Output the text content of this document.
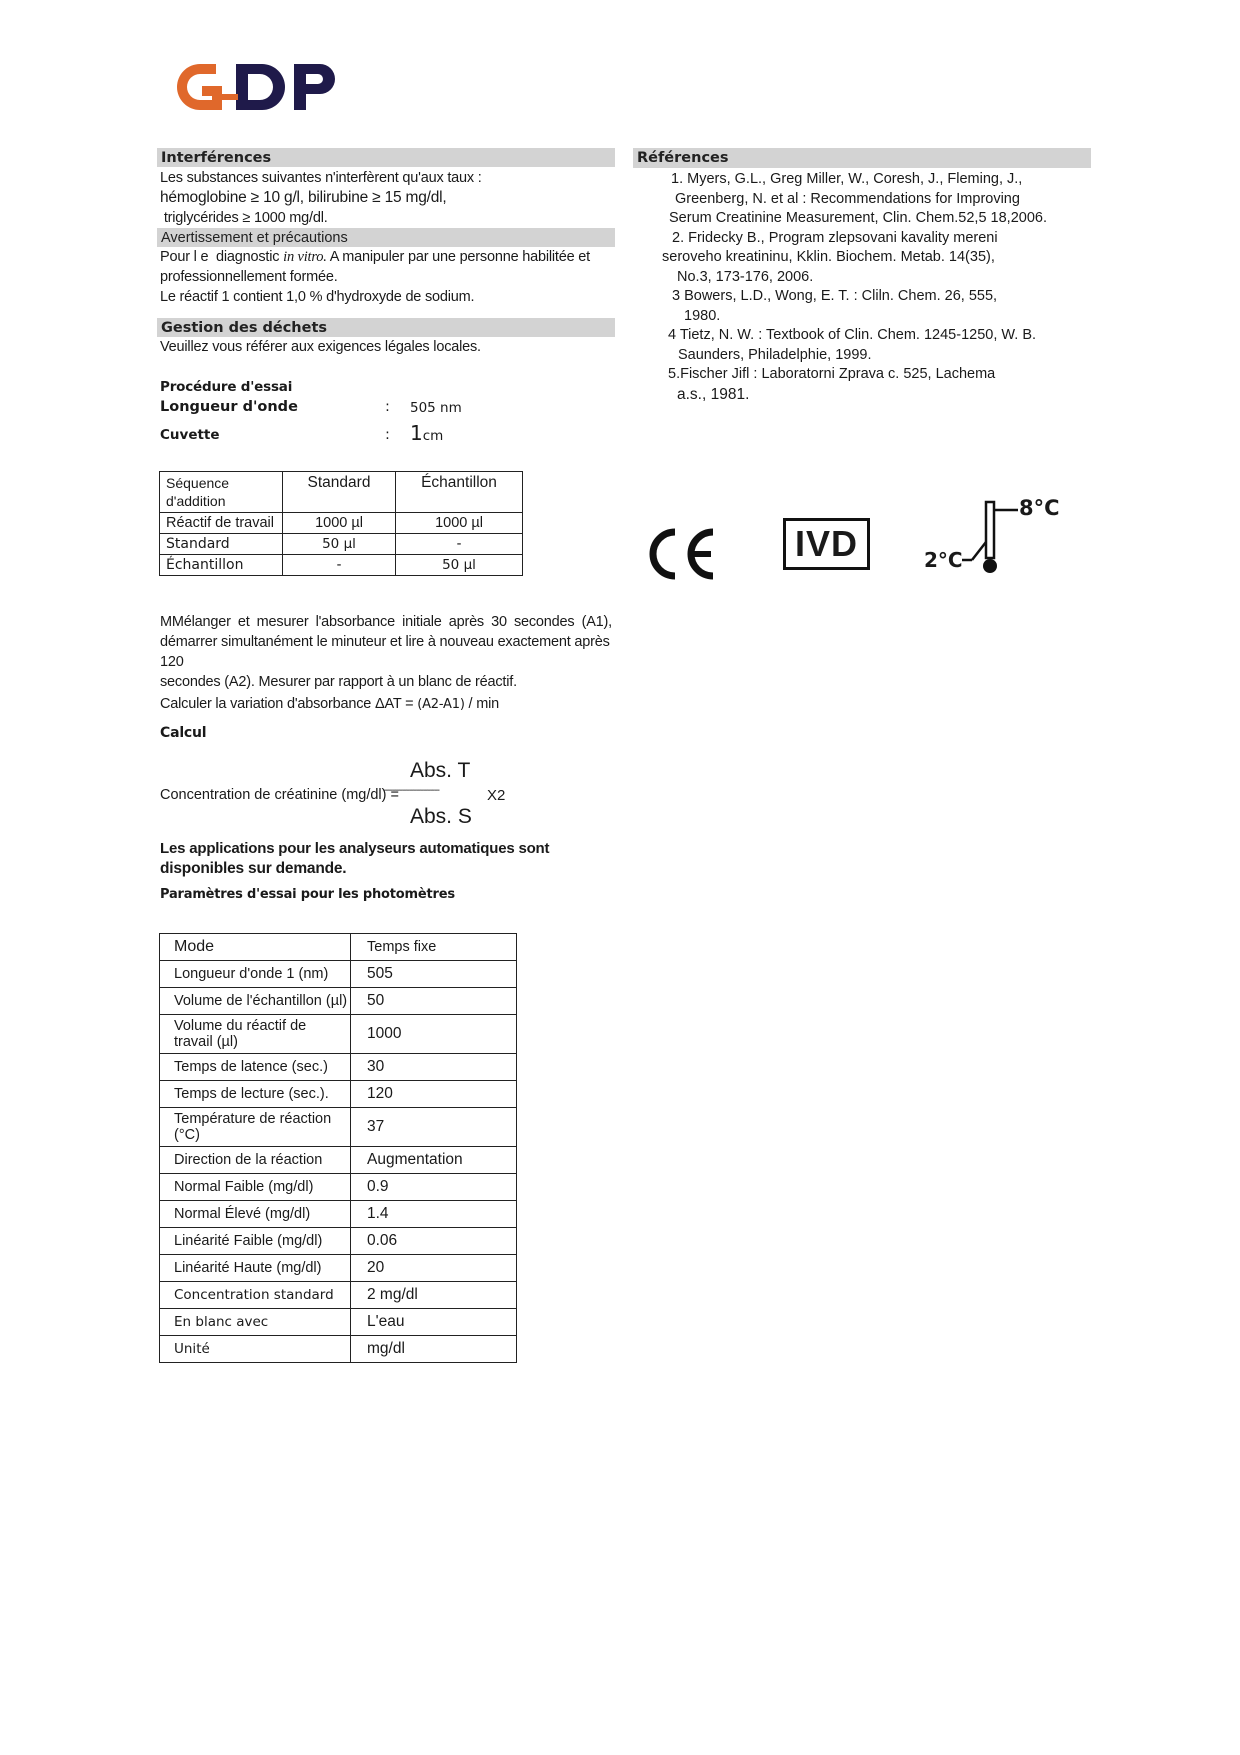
Interférences

Les substances suivantes n'interfèrent qu'aux taux :

hémoglobine ≥ 10 g/l, bilirubine ≥ 15 mg/dl,

triglycérides ≥ 1000 mg/dl.

Avertissement et précautions

Pour l e  diagnostic in vitro. A manipuler par une personne habilitée et

professionnellement formée.

Le réactif 1 contient 1,0 % d'hydroxyde de sodium.

Gestion des déchets

Veuillez vous référer aux exigences légales locales.

Procédure d'essai

Longueur d'onde	: 505 nm
Cuvette	: 1cm
Séquence
d'addition	Standard	Échantillon
Réactif de travail	1000 µl	1000 µl
Standard	50 µl	-
Échantillon	-	50 µl

MMélanger et mesurer l'absorbance initiale après 30 secondes (A1),

démarrer simultanément le minuteur et lire à nouveau exactement après 120

secondes (A2). Mesurer par rapport à un blanc de réactif.

Calculer la variation d'absorbance ΔAT = (A2-A1) / min

Calcul

Abs. T
Concentration de créatinine (mg/dl) =
------------------------	X2
Abs. S

Les applications pour les analyseurs automatiques sont

disponibles sur demande.

Paramètres d'essai pour les photomètres

Mode	Temps fixe
Longueur d'onde 1 (nm)	505
Volume de l'échantillon (µl)	50
Volume du réactif de travail (µl)	1000
Temps de latence (sec.)	30
Temps de lecture (sec.).	120
Température de réaction (°C)	37
Direction de la réaction	Augmentation
Normal Faible (mg/dl)	0.9
Normal Élevé (mg/dl)	1.4
Linéarité Faible (mg/dl)	0.06
Linéarité Haute (mg/dl)	20
Concentration standard	2 mg/dl
En blanc avec	L'eau
Unité	mg/dl
Références

1. Myers, G.L., Greg Miller, W., Coresh, J., Fleming, J.,

Greenberg, N. et al : Recommendations for Improving

Serum Creatinine Measurement, Clin. Chem.52,5 18,2006.

2. Fridecky B., Program zlepsovani kavality mereni

seroveho kreatininu, Kklin. Biochem. Metab. 14(35),

No.3, 173-176, 2006.

3 Bowers, L.D., Wong, E. T. : Cliln. Chem. 26, 555,

1980.

4 Tietz, N. W. : Textbook of Clin. Chem. 1245-1250, W. B.

Saunders, Philadelphie, 1999.

5.Fischer Jifl : Laboratorni Zprava c. 525, Lachema

a.s., 1981.

IVD
8°C
2°C
